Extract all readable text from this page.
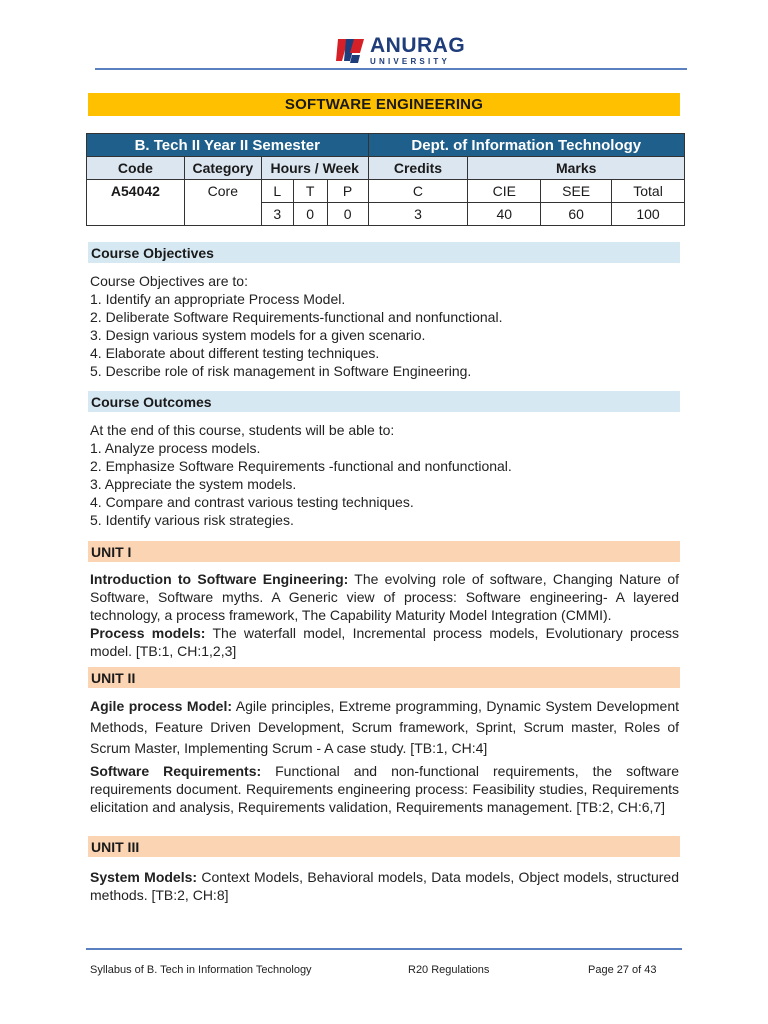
ANURAG
UNIVERSITY
SOFTWARE ENGINEERING
B. Tech II Year II Semester					Dept. of Information Technology			
Code	Category	Hours / Week			Credits	Marks		
A54042	Core	L	T	P	C	CIE	SEE	Total
		3	0	0	3	40	60	100
Course Objectives

Course Objectives are to:

1. Identify an appropriate Process Model.

2. Deliberate Software Requirements-functional and nonfunctional.

3. Design various system models for a given scenario.

4. Elaborate about different testing techniques.

5. Describe role of risk management in Software Engineering.

Course Outcomes

At the end of this course, students will be able to:

1. Analyze process models.

2. Emphasize Software Requirements -functional and nonfunctional.

3. Appreciate the system models.

4. Compare and contrast various testing techniques.

5. Identify various risk strategies.

UNIT I

Introduction to Software Engineering: The evolving role of software, Changing Nature of Software, Software myths. A Generic view of process: Software engineering- A layered technology, a process framework, The Capability Maturity Model Integration (CMMI).

Process models: The waterfall model, Incremental process models, Evolutionary process model. [TB:1, CH:1,2,3]

UNIT II

Agile process Model: Agile principles, Extreme programming, Dynamic System Development Methods, Feature Driven Development, Scrum framework, Sprint, Scrum master, Roles of Scrum Master, Implementing Scrum - A case study. [TB:1, CH:4]

Software Requirements: Functional and non-functional requirements, the software requirements document. Requirements engineering process: Feasibility studies, Requirements elicitation and analysis, Requirements validation, Requirements management. [TB:2, CH:6,7]

UNIT III

System Models: Context Models, Behavioral models, Data models, Object models, structured methods. [TB:2, CH:8]

Syllabus of B. Tech in Information Technology	R20 Regulations	Page 27 of 43
